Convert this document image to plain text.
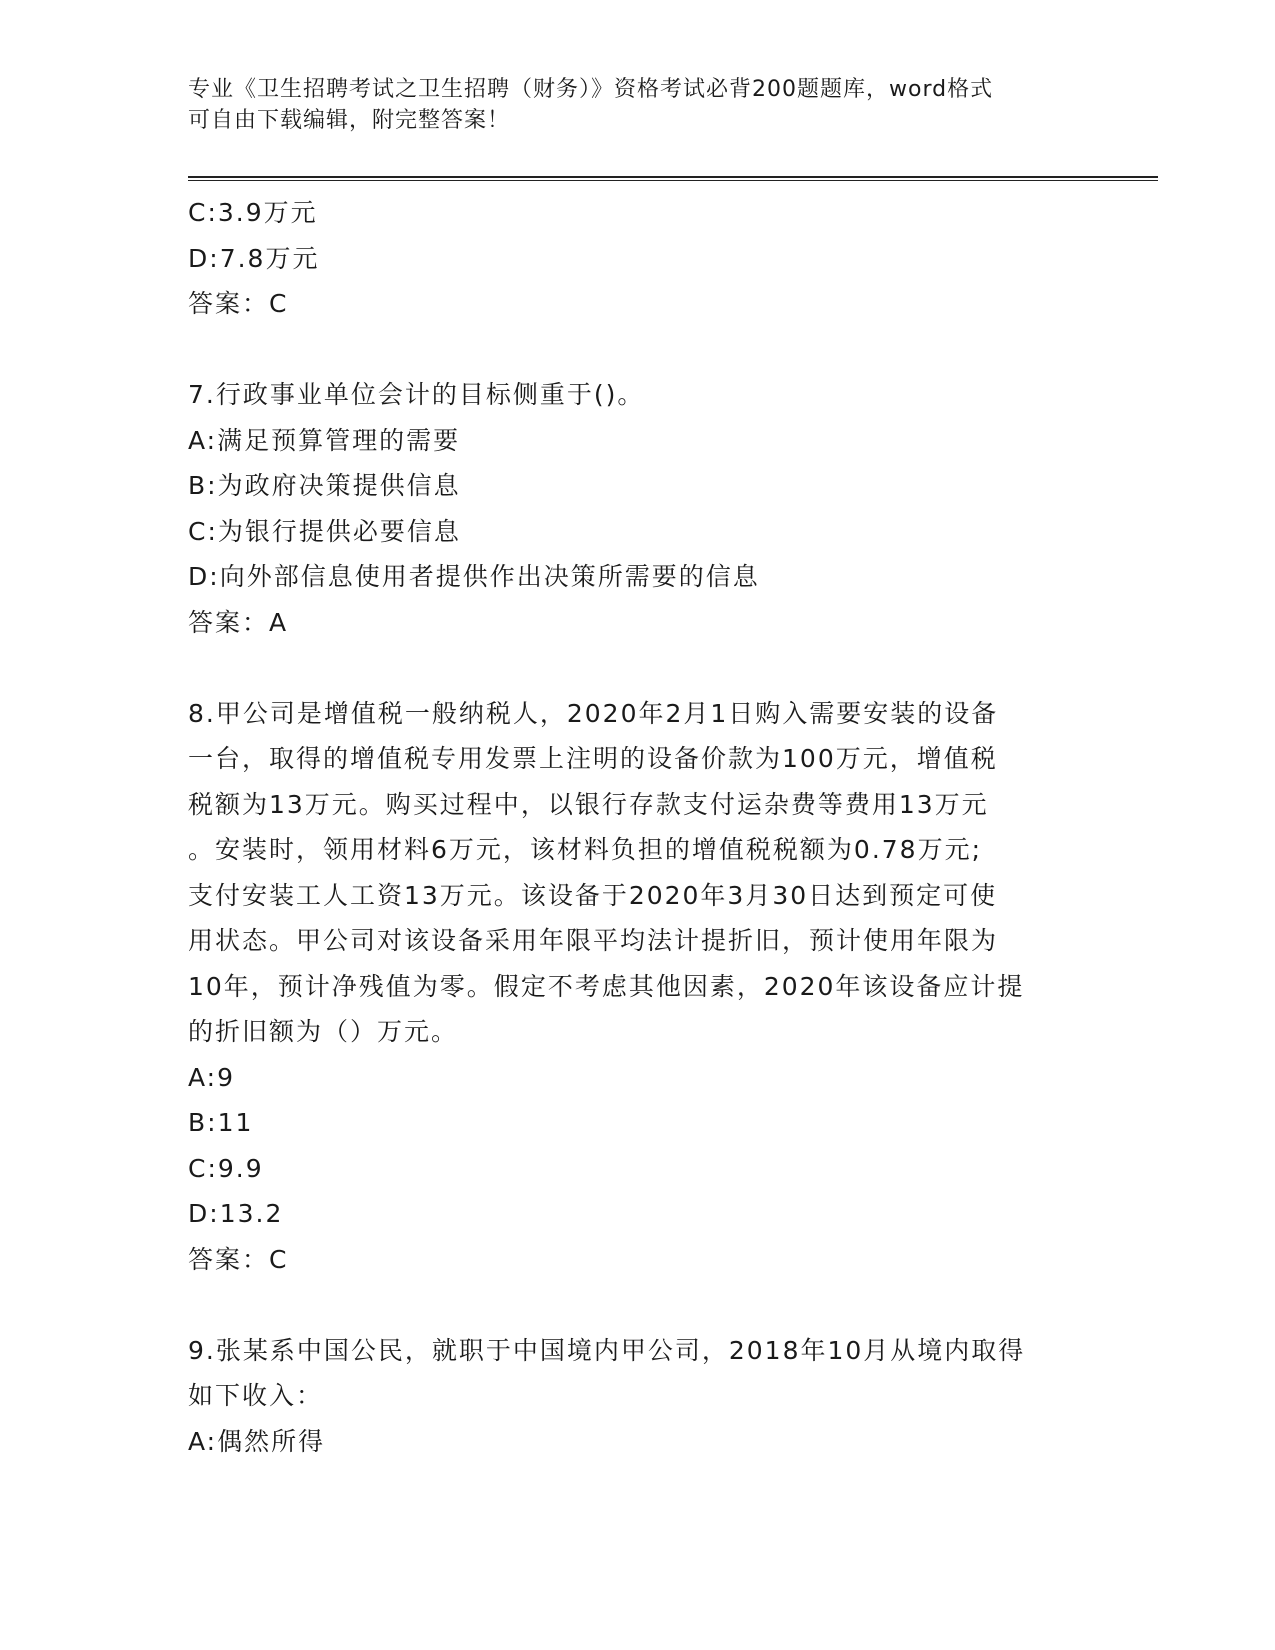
专业《卫生招聘考试之卫生招聘（财务）》资格考试必背200题题库，word格式
可自由下载编辑，附完整答案！
C:3.9万元
D:7.8万元
答案：C
7.行政事业单位会计的目标侧重于()。
A:满足预算管理的需要
B:为政府决策提供信息
C:为银行提供必要信息
D:向外部信息使用者提供作出决策所需要的信息
答案：A
8.甲公司是增值税一般纳税人，2020年2月1日购入需要安装的设备
一台，取得的增值税专用发票上注明的设备价款为100万元，增值税
税额为13万元。购买过程中，以银行存款支付运杂费等费用13万元
。安装时，领用材料6万元，该材料负担的增值税税额为0.78万元;
支付安装工人工资13万元。该设备于2020年3月30日达到预定可使
用状态。甲公司对该设备采用年限平均法计提折旧，预计使用年限为
10年，预计净残值为零。假定不考虑其他因素，2020年该设备应计提
的折旧额为（）万元。
A:9
B:11
C:9.9
D:13.2
答案：C
9.张某系中国公民，就职于中国境内甲公司，2018年10月从境内取得
如下收入：
A:偶然所得
